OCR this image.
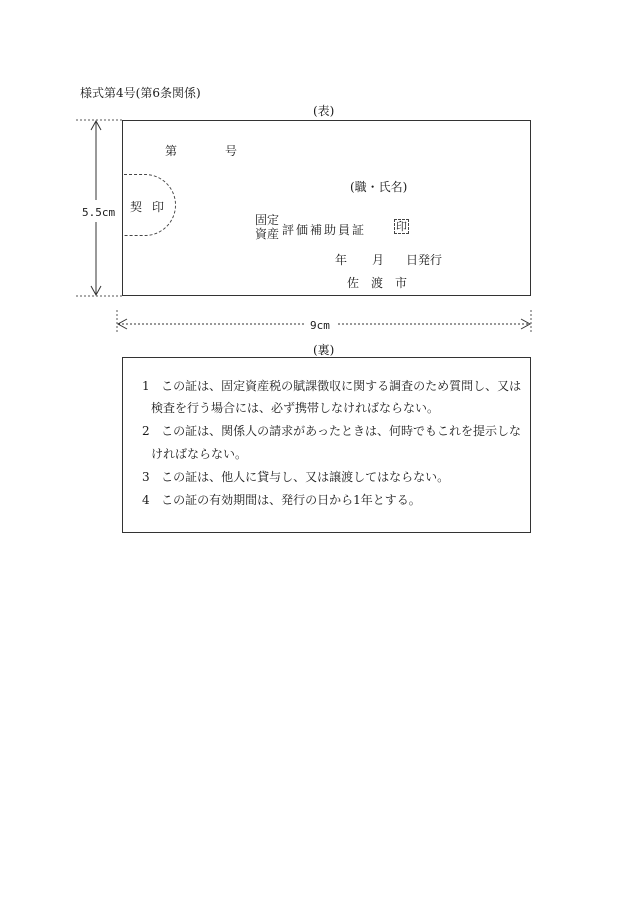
様式第4号(第6条関係)
(表)
第	号
契印
(職・氏名)
固定
資産 評価補助員証	印
年 月 日発行
佐渡市
5.5cm
9cm
(裏)
1 この証は、固定資産税の賦課徴収に関する調査のため質問し、又は
検査を行う場合には、必ず携帯しなければならない。
2 この証は、関係人の請求があったときは、何時でもこれを提示しな
ければならない。
3 この証は、他人に貸与し、又は譲渡してはならない。
4 この証の有効期間は、発行の日から1年とする。
